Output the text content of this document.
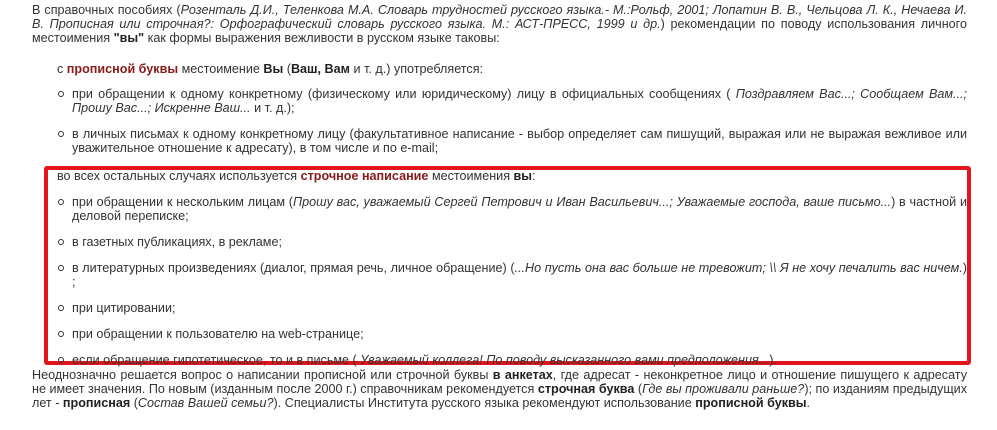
В справочных пособиях (Розенталь Д.И., Теленкова М.А. Словарь трудностей русского языка.- М.:Рольф, 2001; Лопатин В. В., Чельцова Л. К., Нечаева И. В. Прописная или строчная?: Орфографический словарь русского языка. М.: АСТ-ПРЕСС, 1999 и др.) рекомендации по поводу использования личного местоимения "вы" как формы выражения вежливости в русском языке таковы:

с прописной буквы местоимение Вы (Ваш, Вам и т. д.) употребляется:

при обращении к одному конкретному (физическому или юридическому) лицу в официальных сообщениях ( Поздравляем Вас...; Сообщаем Вам...; Прошу Вас...; Искренне Ваш... и т. д.);

в личных письмах к одному конкретному лицу (факультативное написание - выбор определяет сам пишущий, выражая или не выражая вежливое или уважительное отношение к адресату), в том числе и по e-mail;

во всех остальных случаях используется строчное написание местоимения вы:

при обращении к нескольким лицам (Прошу вас, уважаемый Сергей Петрович и Иван Васильевич...; Уважаемые господа, ваше письмо...) в частной и деловой переписке;

в газетных публикациях, в рекламе;

в литературных произведениях (диалог, прямая речь, личное обращение) (...Но пусть она вас больше не тревожит; \\ Я не хочу печалить вас ничем.) ;

при цитировании;

при обращении к пользователю на web-странице;

если обращение гипотетическое, то и в письме ( Уважаемый коллега! По поводу высказанного вами предположения...).

Неоднозначно решается вопрос о написании прописной или строчной буквы в анкетах, где адресат - неконкретное лицо и отношение пишущего к адресату не имеет значения. По новым (изданным после 2000 г.) справочникам рекомендуется строчная буква (Где вы проживали раньше?); по изданиям предыдущих лет - прописная (Состав Вашей семьи?). Специалисты Института русского языка рекомендуют использование прописной буквы.
